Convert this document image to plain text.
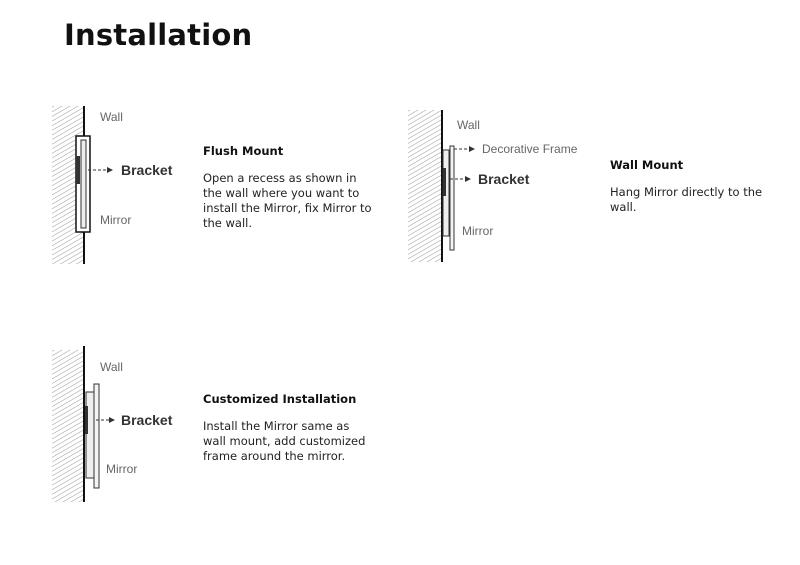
Installation
Wall
Bracket
Mirror
Flush Mount

Open a recess as shown in the wall where you want to install the Mirror, fix Mirror to the wall.

Wall
Decorative Frame
Bracket
Mirror
Wall Mount

Hang Mirror directly to the wall.

Wall
Bracket
Mirror
Customized Installation

Install the Mirror same as wall mount, add customized frame around the mirror.
